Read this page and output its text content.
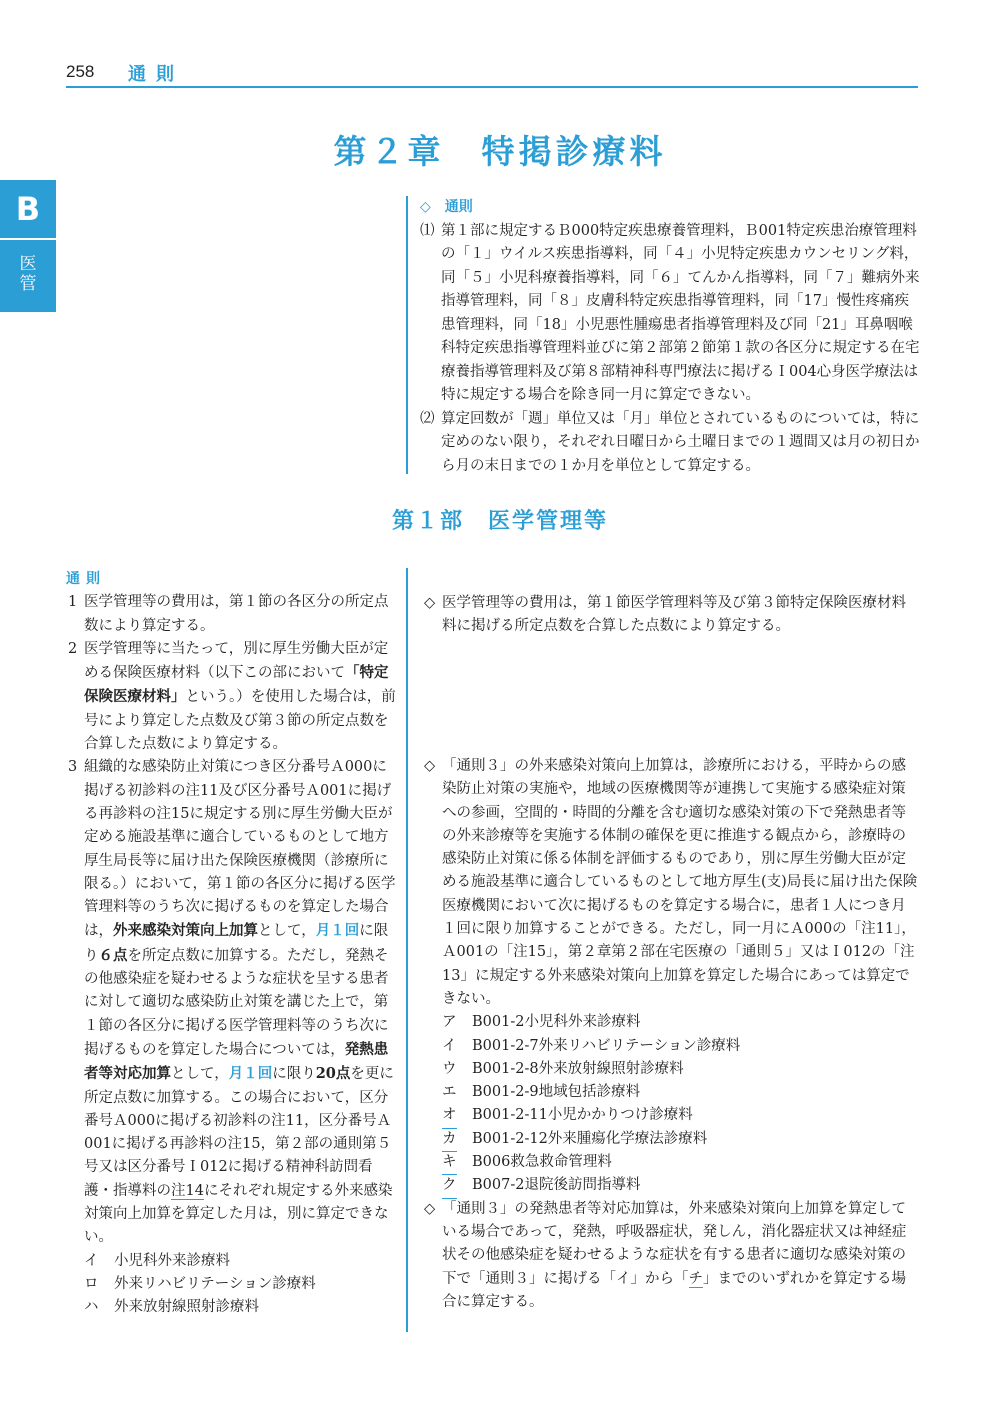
258 通則
B
医
管
第２章　特掲診療料
◇　通則
⑴ 第１部に規定するＢ000特定疾患療養管理料，Ｂ001特定疾患治療管理料の「１」ウイルス疾患指導料，同「４」小児特定疾患カウンセリング料，同「５」小児科療養指導料，同「６」てんかん指導料，同「７」難病外来指導管理料，同「８」皮膚科特定疾患指導管理料，同「17」慢性疼痛疾患管理料，同「18」小児悪性腫瘍患者指導管理料及び同「21」耳鼻咽喉科特定疾患指導管理料並びに第２部第２節第１款の各区分に規定する在宅療養指導管理料及び第８部精神科専門療法に掲げるＩ004心身医学療法は特に規定する場合を除き同一月に算定できない。
⑵ 算定回数が「週」単位又は「月」単位とされているものについては，特に定めのない限り，それぞれ日曜日から土曜日までの１週間又は月の初日から月の末日までの１か月を単位として算定する。
第１部　医学管理等
通則
1 医学管理等の費用は，第１節の各区分の所定点数により算定する。
2 医学管理等に当たって，別に厚生労働大臣が定める保険医療材料（以下この部において「特定保険医療材料」という。）を使用した場合は，前号により算定した点数及び第３節の所定点数を合算した点数により算定する。
3 組織的な感染防止対策につき区分番号Ａ000に掲げる初診料の注11及び区分番号Ａ001に掲げる再診料の注15に規定する別に厚生労働大臣が定める施設基準に適合しているものとして地方厚生局長等に届け出た保険医療機関（診療所に限る。）において，第１節の各区分に掲げる医学管理料等のうち次に掲げるものを算定した場合は，外来感染対策向上加算として，月１回に限り６点を所定点数に加算する。ただし，発熱その他感染症を疑わせるような症状を呈する患者に対して適切な感染防止対策を講じた上で，第１節の各区分に掲げる医学管理料等のうち次に掲げるものを算定した場合については，発熱患者等対応加算として，月１回に限り20点を更に所定点数に加算する。この場合において，区分番号Ａ000に掲げる初診料の注11，区分番号Ａ001に掲げる再診料の注15，第２部の通則第５号又は区分番号Ｉ012に掲げる精神科訪問看護・指導料の注14にそれぞれ規定する外来感染対策向上加算を算定した月は，別に算定できない。
イ 小児科外来診療料
ロ 外来リハビリテーション診療料
ハ 外来放射線照射診療料
◇ 医学管理等の費用は，第１節医学管理料等及び第３節特定保険医療材料料に掲げる所定点数を合算した点数により算定する。
◇ 「通則３」の外来感染対策向上加算は，診療所における，平時からの感染防止対策の実施や，地域の医療機関等が連携して実施する感染症対策への参画，空間的・時間的分離を含む適切な感染対策の下で発熱患者等の外来診療等を実施する体制の確保を更に推進する観点から，診療時の感染防止対策に係る体制を評価するものであり，別に厚生労働大臣が定める施設基準に適合しているものとして地方厚生(支)局長に届け出た保険医療機関において次に掲げるものを算定する場合に，患者１人につき月１回に限り加算することができる。ただし，同一月にＡ000の「注11」，Ａ001の「注15」，第２章第２部在宅医療の「通則５」又はＩ012の「注13」に規定する外来感染対策向上加算を算定した場合にあっては算定できない。
ア B001-2小児科外来診療料
イ B001-2-7外来リハビリテーション診療料
ウ B001-2-8外来放射線照射診療料
エ B001-2-9地域包括診療料
オ B001-2-11小児かかりつけ診療料
カ B001-2-12外来腫瘍化学療法診療料
キ B006救急救命管理料
ク B007-2退院後訪問指導料
◇ 「通則３」の発熱患者等対応加算は，外来感染対策向上加算を算定している場合であって，発熱，呼吸器症状，発しん，消化器症状又は神経症状その他感染症を疑わせるような症状を有する患者に適切な感染対策の下で「通則３」に掲げる「イ」から「チ」までのいずれかを算定する場合に算定する。
